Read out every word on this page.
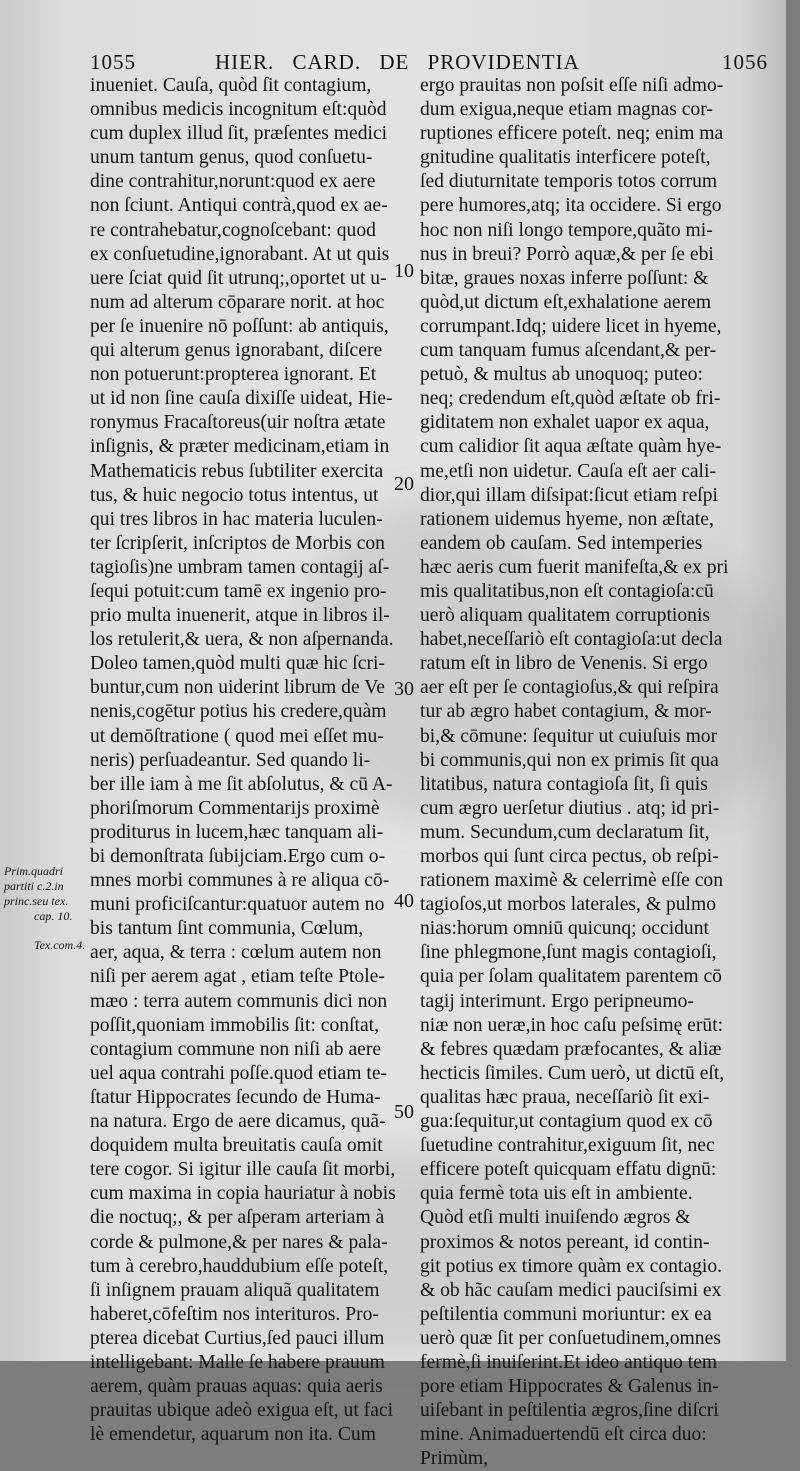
1055	HIER. CARD. DE PROVIDENTIA	1056
inueniet. Cauſa, quòd ſit contagium,
omnibus medicis incognitum eſt:quòd
cum duplex illud ſit, præſentes medici
unum tantum genus, quod conſuetu-
dine contrahitur,norunt:quod ex aere
non ſciunt. Antiqui contrà,quod ex ae-
re contrahebatur,cognoſcebant: quod
ex conſuetudine,ignorabant. At ut quis
uere ſciat quid ſit utrunq;,oportet ut u-
num ad alterum cōparare norit. at hoc
per ſe inuenire nō poſſunt: ab antiquis,
qui alterum genus ignorabant, diſcere
non potuerunt:propterea ignorant. Et
ut id non ſine cauſa dixiſſe uideat, Hie-
ronymus Fracaſtoreus(uir noſtra ætate
inſignis, & præter medicinam,etiam in
Mathematicis rebus ſubtiliter exercita
tus, & huic negocio totus intentus, ut
qui tres libros in hac materia luculen-
ter ſcripſerit, inſcriptos de Morbis con
tagioſis)ne umbram tamen contagij aſ-
ſequi potuit:cum tamē ex ingenio pro-
prio multa inuenerit, atque in libros il-
los retulerit,& uera, & non aſpernanda.
Doleo tamen,quòd multi quæ hic ſcri-
buntur,cum non uiderint librum de Ve
nenis,cogētur potius his credere,quàm
ut demōſtratione ( quod mei eſſet mu-
neris) perſuadeantur. Sed quando li-
ber ille iam à me ſit abſolutus, & cū A-
phoriſmorum Commentarijs proximè
proditurus in lucem,hæc tanquam ali-
bi demonſtrata ſubijciam.Ergo cum o-
mnes morbi communes à re aliqua cō-
muni proficiſcantur:quatuor autem no
bis tantum ſint communia, Cœlum,
aer, aqua, & terra : cœlum autem non
niſi per aerem agat , etiam teſte Ptole-
mæo : terra autem communis dici non
poſſit,quoniam immobilis ſit: conſtat,
contagium commune non niſi ab aere
uel aqua contrahi poſſe.quod etiam te-
ſtatur Hippocrates ſecundo de Huma-
na natura. Ergo de aere dicamus, quã-
doquidem multa breuitatis cauſa omit
tere cogor. Si igitur ille cauſa ſit morbi,
cum maxima in copia hauriatur à nobis
die noctuq;, & per aſperam arteriam à
corde & pulmone,& per nares & pala-
tum à cerebro,hauddubium eſſe poteſt,
ſi inſignem prauam aliquã qualitatem
haberet,cōfeſtim nos interituros. Pro-
pterea dicebat Curtius,ſed pauci illum
intelligebant: Malle ſe habere prauum
aerem, quàm prauas aquas: quia aeris
prauitas ubique adeò exigua eſt, ut faci
lè emendetur, aquarum non ita. Cum
ergo prauitas non poſsit eſſe niſi admo-
dum exigua,neque etiam magnas cor-
ruptiones efficere poteſt. neq; enim ma
gnitudine qualitatis interficere poteſt,
ſed diuturnitate temporis totos corrum
pere humores,atq; ita occidere. Si ergo
hoc non niſi longo tempore,quãto mi-
nus in breui? Porrò aquæ,& per ſe ebi
bitæ, graues noxas inferre poſſunt: &
quòd,ut dictum eſt,exhalatione aerem
corrumpant.Idq; uidere licet in hyeme,
cum tanquam fumus aſcendant,& per-
petuò, & multus ab unoquoq; puteo:
neq; credendum eſt,quòd æſtate ob fri-
giditatem non exhalet uapor ex aqua,
cum calidior ſit aqua æſtate quàm hye-
me,etſi non uidetur. Cauſa eſt aer cali-
dior,qui illam diſsipat:ſicut etiam reſpi
rationem uidemus hyeme, non æſtate,
eandem ob cauſam. Sed intemperies
hæc aeris cum fuerit manifeſta,& ex pri
mis qualitatibus,non eſt contagioſa:cū
uerò aliquam qualitatem corruptionis
habet,neceſſariò eſt contagioſa:ut decla
ratum eſt in libro de Venenis. Si ergo
aer eſt per ſe contagioſus,& qui reſpira
tur ab ægro habet contagium, & mor-
bi,& cōmune: ſequitur ut cuiuſuis mor
bi communis,qui non ex primis ſit qua
litatibus, natura contagioſa ſit, ſi quis
cum ægro uerſetur diutius . atq; id pri-
mum. Secundum,cum declaratum ſit,
morbos qui ſunt circa pectus, ob reſpi-
rationem maximè & celerrimè eſſe con
tagioſos,ut morbos laterales, & pulmo
nias:horum omniū quicunq; occidunt
ſine phlegmone,ſunt magis contagioſi,
quia per ſolam qualitatem parentem cō
tagij interimunt. Ergo peripneumo-
niæ non ueræ,in hoc caſu peſsimę erūt:
& febres quædam præfocantes, & aliæ
hecticis ſimiles. Cum uerò, ut dictū eſt,
qualitas hæc praua, neceſſariò ſit exi-
gua:ſequitur,ut contagium quod ex cō
ſuetudine contrahitur,exiguum ſit, nec
efficere poteſt quicquam effatu dignū:
quia fermè tota uis eſt in ambiente.
Quòd etſi multi inuiſendo ægros &
proximos & notos pereant, id contin-
git potius ex timore quàm ex contagio.
& ob hãc cauſam medici pauciſsimi ex
peſtilentia communi moriuntur: ex ea
uerò quæ ſit per conſuetudinem,omnes
fermè,ſi inuiſerint.Et ideo antiquo tem
pore etiam Hippocrates & Galenus in-
uiſebant in peſtilentia ægros,ſine diſcri
mine. Animaduertendū eſt circa duo:
Primùm,
10
20
30
40
50
Prim.quadri
partiti c.2.in
princ.seu tex.
cap. 10.
Tex.com.4.
